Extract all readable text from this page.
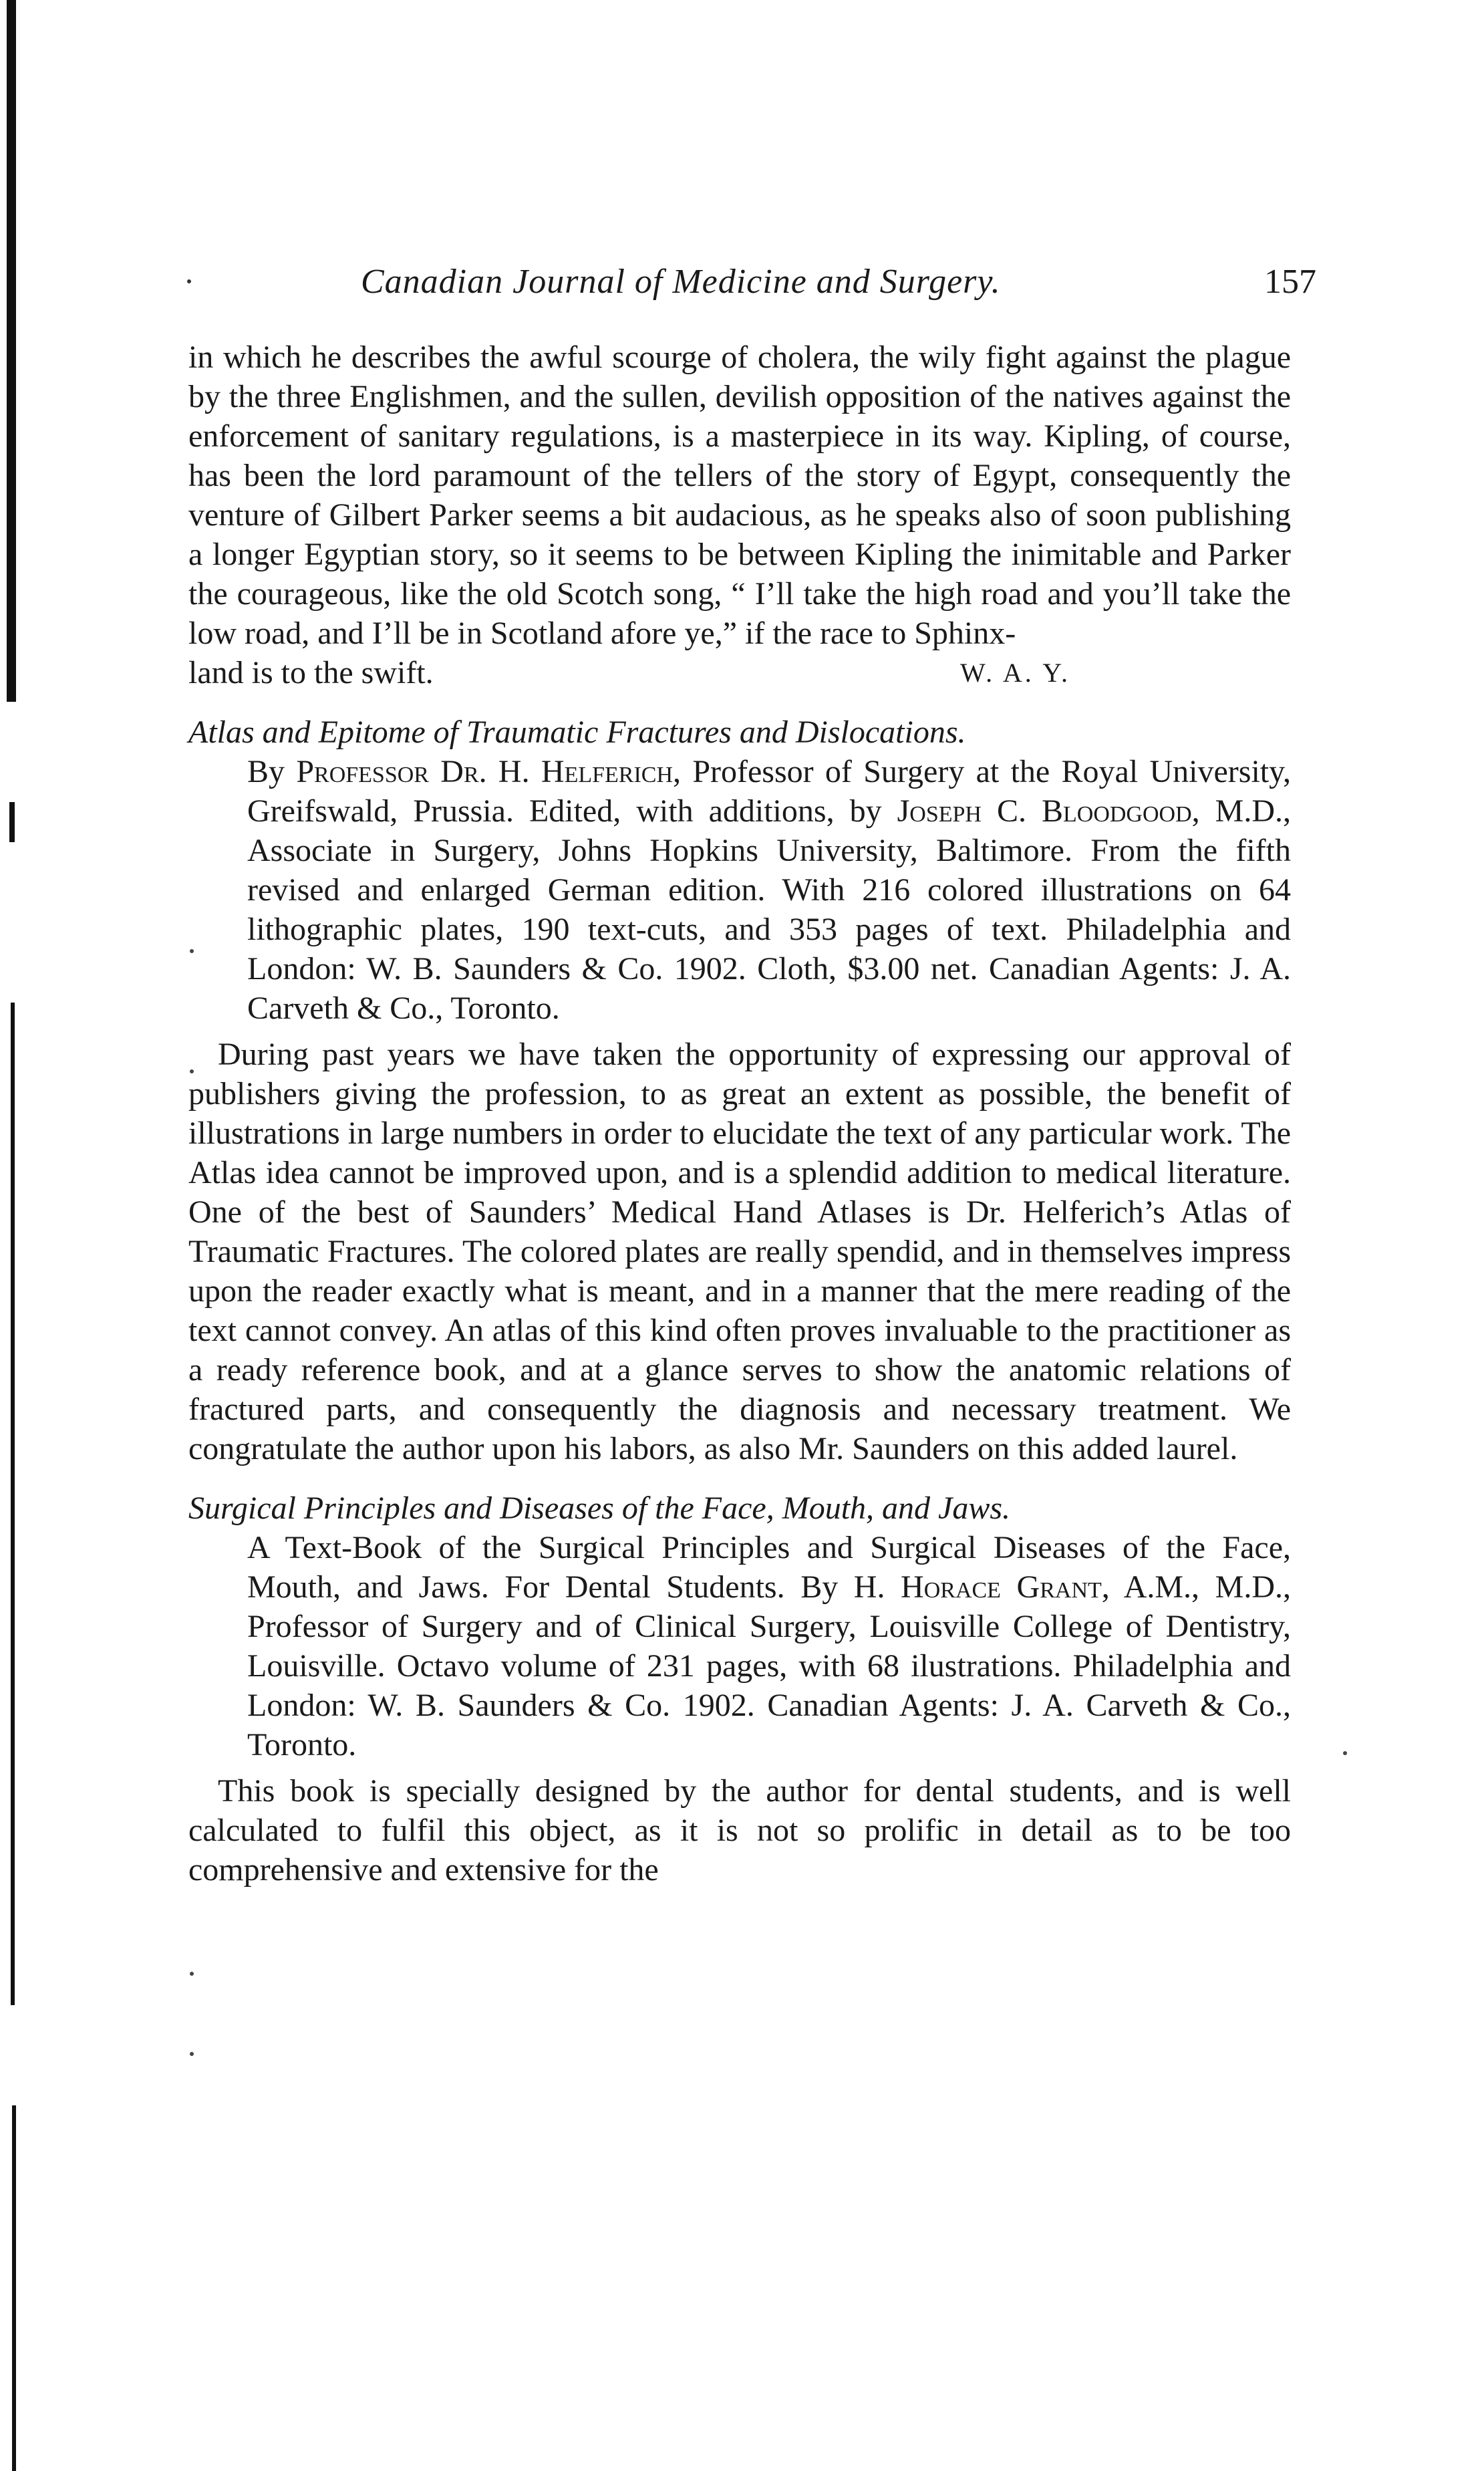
Canadian Journal of Medicine and Surgery.	157

in which he describes the awful scourge of cholera, the wily fight against the plague by the three Englishmen, and the sullen, devilish opposition of the natives against the enforcement of sanitary regulations, is a masterpiece in its way. Kipling, of course, has been the lord paramount of the tellers of the story of Egypt, consequently the venture of Gilbert Parker seems a bit audacious, as he speaks also of soon publishing a longer Egyptian story, so it seems to be between Kipling the inimitable and Parker the courageous, like the old Scotch song, “ I’ll take the high road and you’ll take the low road, and I’ll be in Scotland afore ye,” if the race to Sphinx-

land is to the swift.	W. A. Y.

Atlas and Epitome of Traumatic Fractures and Dislocations.

By Professor Dr. H. Helferich, Professor of Surgery at the Royal University, Greifswald, Prussia. Edited, with additions, by Joseph C. Bloodgood, M.D., Associate in Surgery, Johns Hopkins University, Baltimore. From the fifth revised and enlarged German edition. With 216 colored illustrations on 64 lithographic plates, 190 text-cuts, and 353 pages of text. Philadelphia and London: W. B. Saunders & Co. 1902. Cloth, $3.00 net. Canadian Agents: J. A. Carveth & Co., Toronto.

During past years we have taken the opportunity of expressing our approval of publishers giving the profession, to as great an extent as possible, the benefit of illustrations in large numbers in order to elucidate the text of any particular work. The Atlas idea cannot be improved upon, and is a splendid addition to medical literature. One of the best of Saunders’ Medical Hand Atlases is Dr. Helferich’s Atlas of Traumatic Fractures. The colored plates are really spendid, and in themselves impress upon the reader exactly what is meant, and in a manner that the mere reading of the text cannot convey. An atlas of this kind often proves invaluable to the practitioner as a ready reference book, and at a glance serves to show the anatomic relations of fractured parts, and consequently the diagnosis and necessary treatment. We congratulate the author upon his labors, as also Mr. Saunders on this added laurel.

Surgical Principles and Diseases of the Face, Mouth, and Jaws.

A Text-Book of the Surgical Principles and Surgical Diseases of the Face, Mouth, and Jaws. For Dental Students. By H. Horace Grant, A.M., M.D., Professor of Surgery and of Clinical Surgery, Louisville College of Dentistry, Louisville. Octavo volume of 231 pages, with 68 ilustrations. Philadelphia and London: W. B. Saunders & Co. 1902. Canadian Agents: J. A. Carveth & Co., Toronto.

This book is specially designed by the author for dental students, and is well calculated to fulfil this object, as it is not so prolific in detail as to be too comprehensive and extensive for the
